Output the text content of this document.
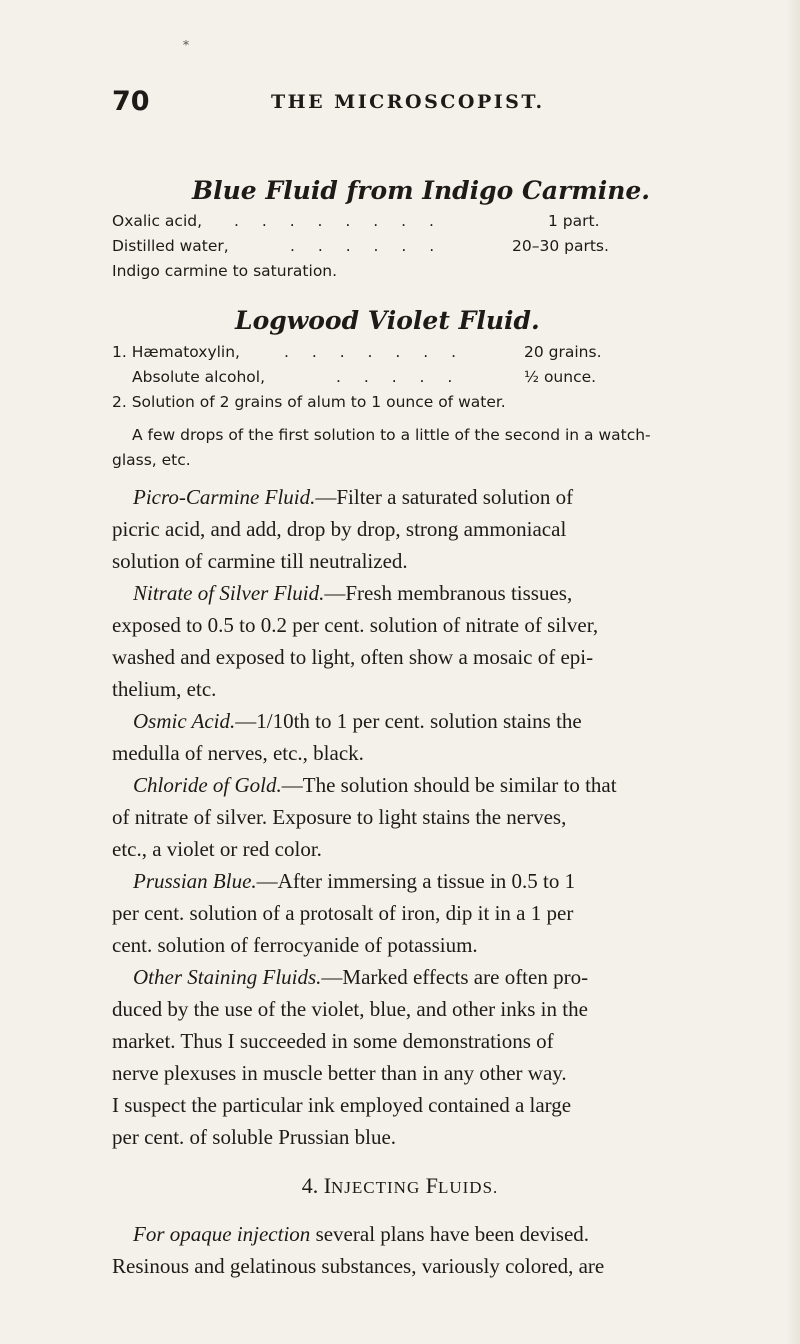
*
70	THE MICROSCOPIST.
Blue Fluid from Indigo Carmine.
Oxalic acid, . . . . . . . .	1 part.
Distilled water,	. . . . . .	20–30 parts.
Indigo carmine to saturation.
Logwood Violet Fluid.
1. Hæmatoxylin,	. . . . . . .	20 grains.
Absolute alcohol,	. . . . .	½ ounce.
2. Solution of 2 grains of alum to 1 ounce of water.
A few drops of the first solution to a little of the second in a watch-
glass, etc.
Picro-Carmine Fluid.—Filter a saturated solution of
picric acid, and add, drop by drop, strong ammoniacal
solution of carmine till neutralized.
Nitrate of Silver Fluid.—Fresh membranous tissues,
exposed to 0.5 to 0.2 per cent. solution of nitrate of silver,
washed and exposed to light, often show a mosaic of epi-
thelium, etc.
Osmic Acid.—1/10th to 1 per cent. solution stains the
medulla of nerves, etc., black.
Chloride of Gold.—The solution should be similar to that
of nitrate of silver. Exposure to light stains the nerves,
etc., a violet or red color.
Prussian Blue.—After immersing a tissue in 0.5 to 1
per cent. solution of a protosalt of iron, dip it in a 1 per
cent. solution of ferrocyanide of potassium.
Other Staining Fluids.—Marked effects are often pro-
duced by the use of the violet, blue, and other inks in the
market. Thus I succeeded in some demonstrations of
nerve plexuses in muscle better than in any other way.
I suspect the particular ink employed contained a large
per cent. of soluble Prussian blue.
4. INJECTING FLUIDS.
For opaque injection several plans have been devised.
Resinous and gelatinous substances, variously colored, are
